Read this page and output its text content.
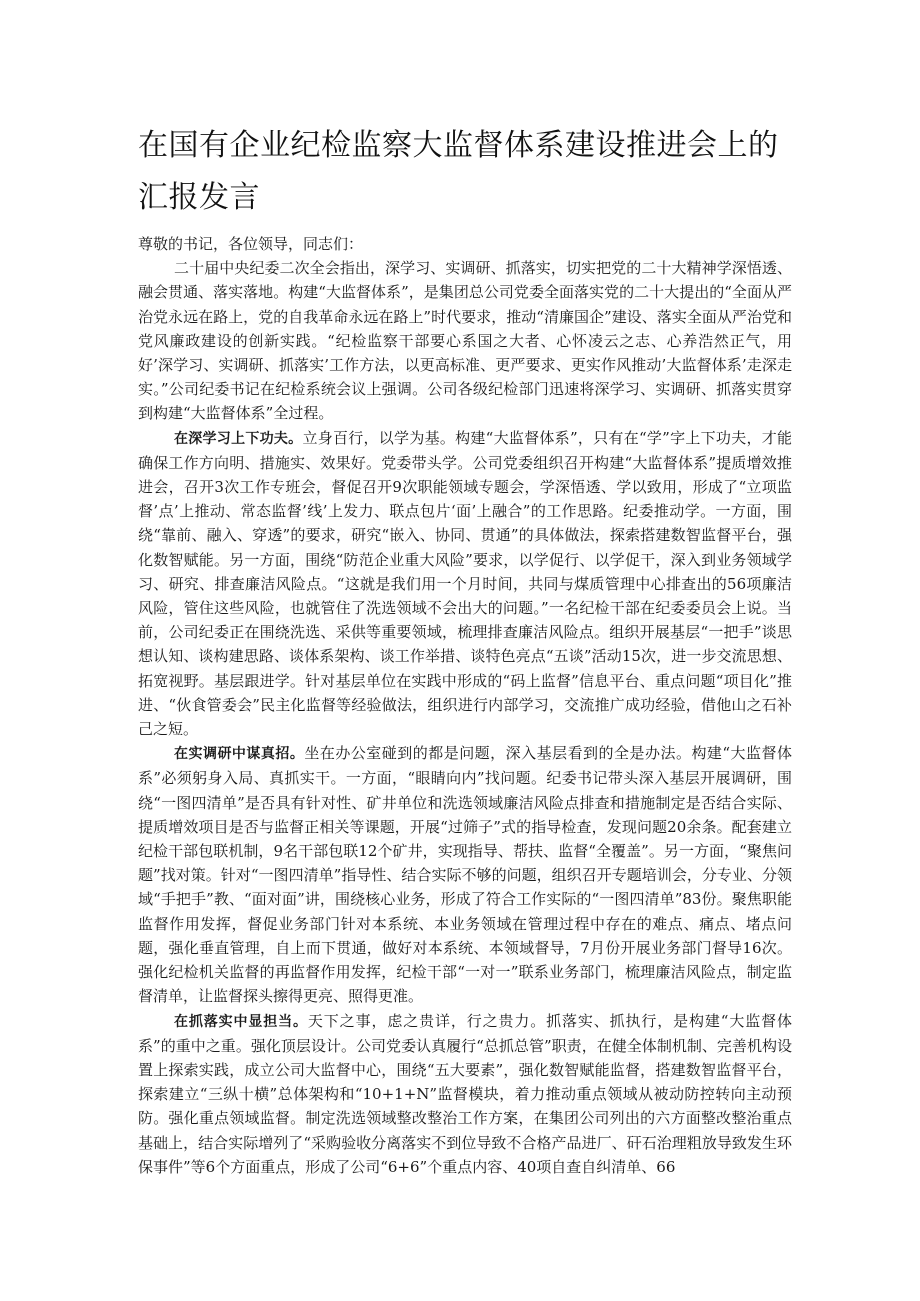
在国有企业纪检监察大监督体系建设推进会上的汇报发言

尊敬的书记，各位领导，同志们：

二十届中央纪委二次全会指出，深学习、实调研、抓落实，切实把党的二十大精神学深悟透、融会贯通、落实落地。构建“大监督体系”，是集团总公司党委全面落实党的二十大提出的“全面从严治党永远在路上，党的自我革命永远在路上”时代要求，推动“清廉国企”建设、落实全面从严治党和党风廉政建设的创新实践。“纪检监察干部要心系国之大者、心怀凌云之志、心养浩然正气，用好’深学习、实调研、抓落实’工作方法，以更高标准、更严要求、更实作风推动’大监督体系’走深走实。”公司纪委书记在纪检系统会议上强调。公司各级纪检部门迅速将深学习、实调研、抓落实贯穿到构建“大监督体系”全过程。

在深学习上下功夫。立身百行，以学为基。构建“大监督体系”，只有在“学”字上下功夫，才能确保工作方向明、措施实、效果好。党委带头学。公司党委组织召开构建“大监督体系”提质增效推进会，召开3次工作专班会，督促召开9次职能领域专题会，学深悟透、学以致用，形成了“立项监督’点’上推动、常态监督’线’上发力、联点包片‘面’上融合”的工作思路。纪委推动学。一方面，围绕“靠前、融入、穿透”的要求，研究“嵌入、协同、贯通”的具体做法，探索搭建数智监督平台，强化数智赋能。另一方面，围绕“防范企业重大风险”要求，以学促行、以学促干，深入到业务领域学习、研究、排查廉洁风险点。“这就是我们用一个月时间，共同与煤质管理中心排查出的56项廉洁风险，管住这些风险，也就管住了洗选领域不会出大的问题。”一名纪检干部在纪委委员会上说。当前，公司纪委正在围绕洗选、采供等重要领域，梳理排查廉洁风险点。组织开展基层“一把手”谈思想认知、谈构建思路、谈体系架构、谈工作举措、谈特色亮点“五谈”活动15次，进一步交流思想、拓宽视野。基层跟进学。针对基层单位在实践中形成的“码上监督”信息平台、重点问题“项目化”推进、“伙食管委会”民主化监督等经验做法，组织进行内部学习，交流推广成功经验，借他山之石补己之短。

在实调研中谋真招。坐在办公室碰到的都是问题，深入基层看到的全是办法。构建“大监督体系”必须躬身入局、真抓实干。一方面，“眼睛向内”找问题。纪委书记带头深入基层开展调研，围绕“一图四清单”是否具有针对性、矿井单位和洗选领域廉洁风险点排查和措施制定是否结合实际、提质增效项目是否与监督正相关等课题，开展“过筛子”式的指导检查，发现问题20余条。配套建立纪检干部包联机制，9名干部包联12个矿井，实现指导、帮扶、监督“全覆盖”。另一方面，“聚焦问题”找对策。针对“一图四清单”指导性、结合实际不够的问题，组织召开专题培训会，分专业、分领域“手把手”教、“面对面”讲，围绕核心业务，形成了符合工作实际的“一图四清单”83份。聚焦职能监督作用发挥，督促业务部门针对本系统、本业务领域在管理过程中存在的难点、痛点、堵点问题，强化垂直管理，自上而下贯通，做好对本系统、本领域督导，7月份开展业务部门督导16次。强化纪检机关监督的再监督作用发挥，纪检干部“一对一”联系业务部门，梳理廉洁风险点，制定监督清单，让监督探头擦得更亮、照得更准。

在抓落实中显担当。天下之事，虑之贵详，行之贵力。抓落实、抓执行，是构建“大监督体系”的重中之重。强化顶层设计。公司党委认真履行“总抓总管”职责，在健全体制机制、完善机构设置上探索实践，成立公司大监督中心，围绕“五大要素”，强化数智赋能监督，搭建数智监督平台，探索建立“三纵十横”总体架构和“10+1+N”监督模块，着力推动重点领域从被动防控转向主动预防。强化重点领域监督。制定洗选领域整改整治工作方案，在集团公司列出的六方面整改整治重点基础上，结合实际增列了“采购验收分离落实不到位导致不合格产品进厂、矸石治理粗放导致发生环保事件”等6个方面重点，形成了公司“6+6”个重点内容、40项自查自纠清单、66
